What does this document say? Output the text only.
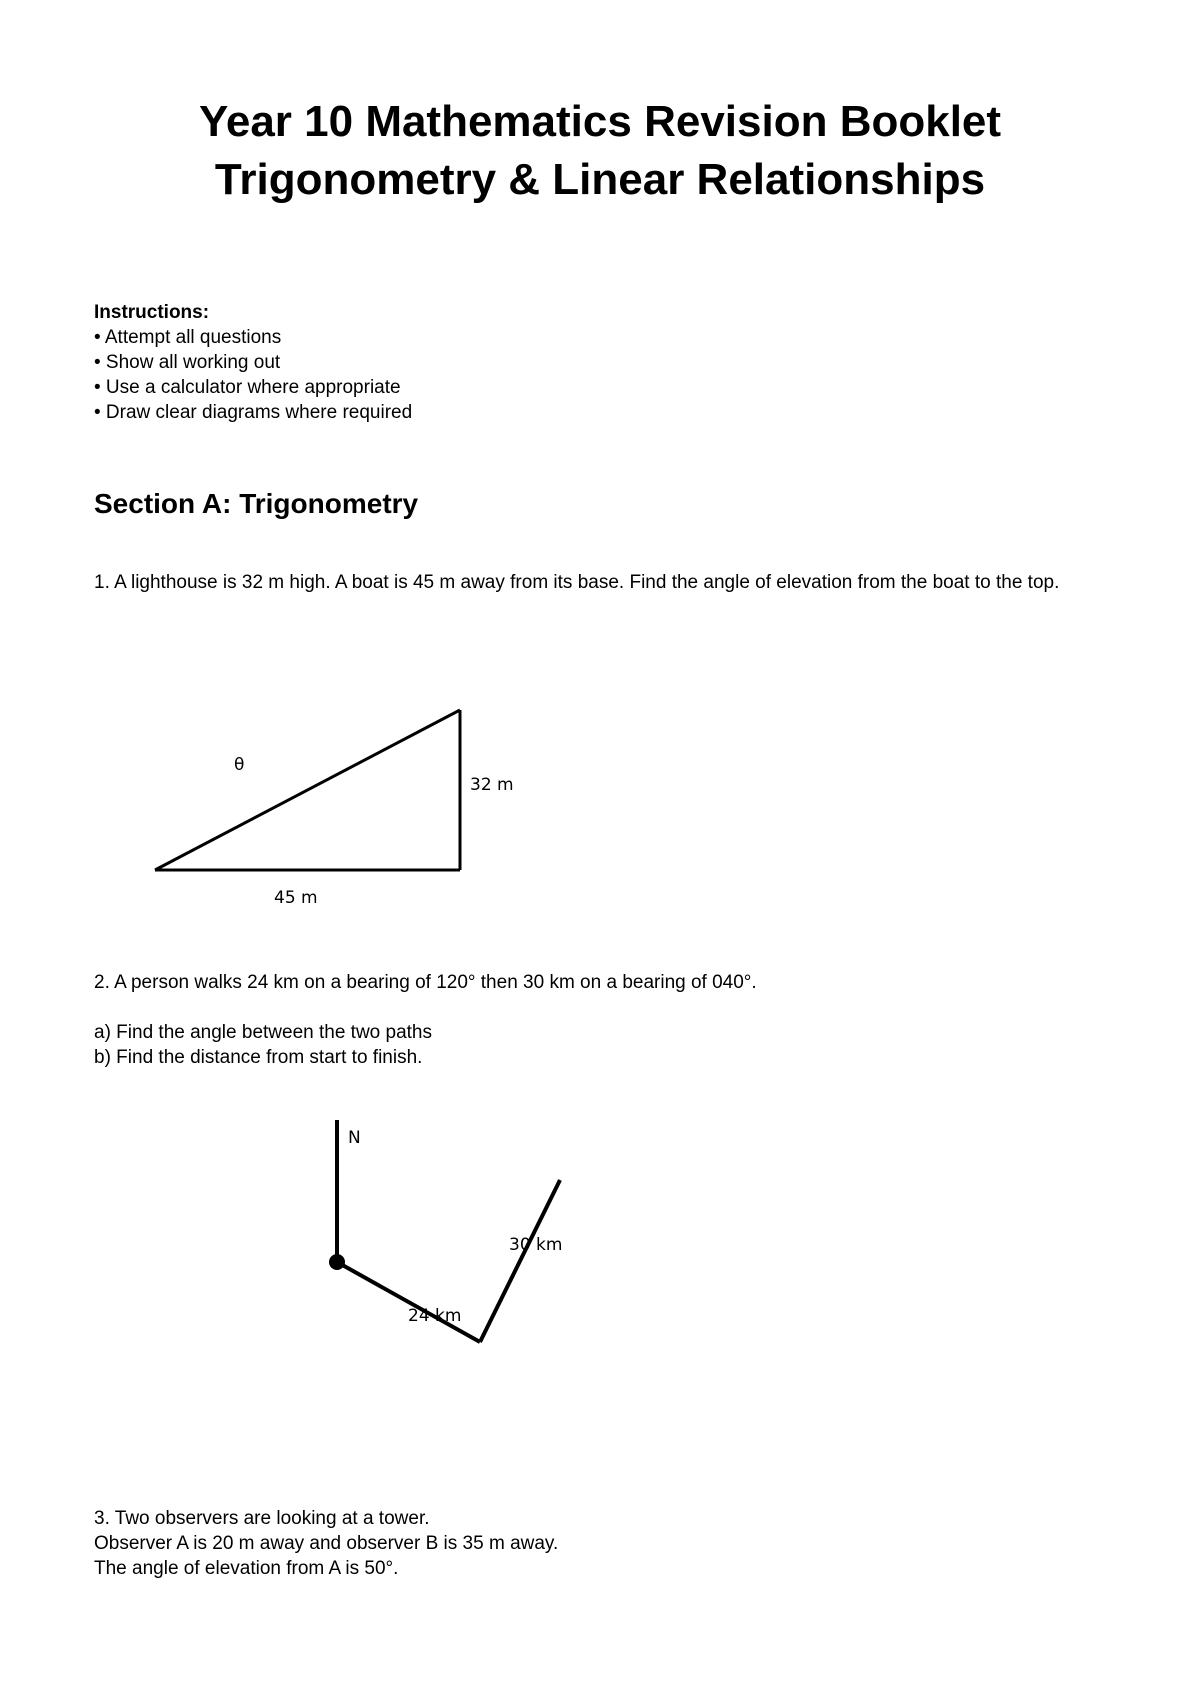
Year 10 Mathematics Revision Booklet
Trigonometry & Linear Relationships
Instructions:
• Attempt all questions
• Show all working out
• Use a calculator where appropriate
• Draw clear diagrams where required
Section A: Trigonometry
1. A lighthouse is 32 m high. A boat is 45 m away from its base. Find the angle of elevation from the boat to the top.
θ
32 m
45 m
2. A person walks 24 km on a bearing of 120° then 30 km on a bearing of 040°.
a) Find the angle between the two paths
b) Find the distance from start to finish.
N
30 km
24 km
3. Two observers are looking at a tower.
Observer A is 20 m away and observer B is 35 m away.
The angle of elevation from A is 50°.
